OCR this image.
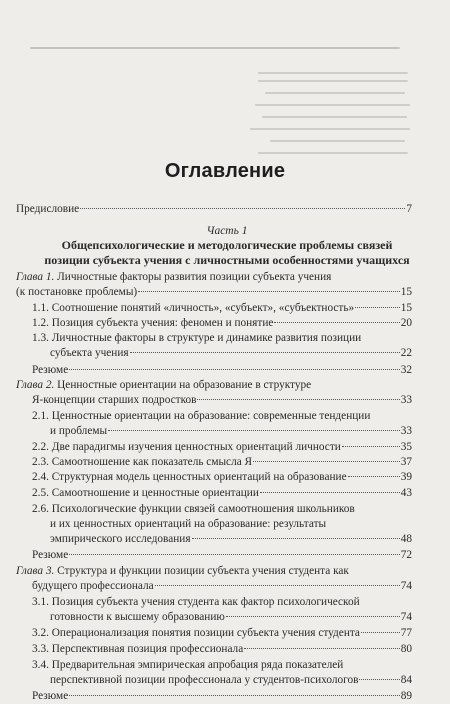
Оглавление
Предисловие	7
Часть 1
Общепсихологические и методологические проблемы связей
позиции субъекта учения с личностными особенностями учащихся
Глава 1. Личностные факторы развития позиции субъекта учения
(к постановке проблемы)	15
1.1. Соотношение понятий «личность», «субъект», «субъектность»	15
1.2. Позиция субъекта учения: феномен и понятие	20
1.3. Личностные факторы в структуре и динамике развития позиции
субъекта учения	22
Резюме	32
Глава 2. Ценностные ориентации на образование в структуре
Я-концепции старших подростков	33
2.1. Ценностные ориентации на образование: современные тенденции
и проблемы	33
2.2. Две парадигмы изучения ценностных ориентаций личности	35
2.3. Самоотношение как показатель смысла Я	37
2.4. Структурная модель ценностных ориентаций на образование	39
2.5. Самоотношение и ценностные ориентации	43
2.6. Психологические функции связей самоотношения школьников
и их ценностных ориентаций на образование: результаты
эмпирического исследования	48
Резюме	72
Глава 3. Структура и функции позиции субъекта учения студента как
будущего профессионала	74
3.1. Позиция субъекта учения студента как фактор психологической
готовности к высшему образованию	74
3.2. Операционализация понятия позиции субъекта учения студента	77
3.3. Перспективная позиция профессионала	80
3.4. Предварительная эмпирическая апробация ряда показателей
перспективной позиции профессионала у студентов-психологов	84
Резюме	89
